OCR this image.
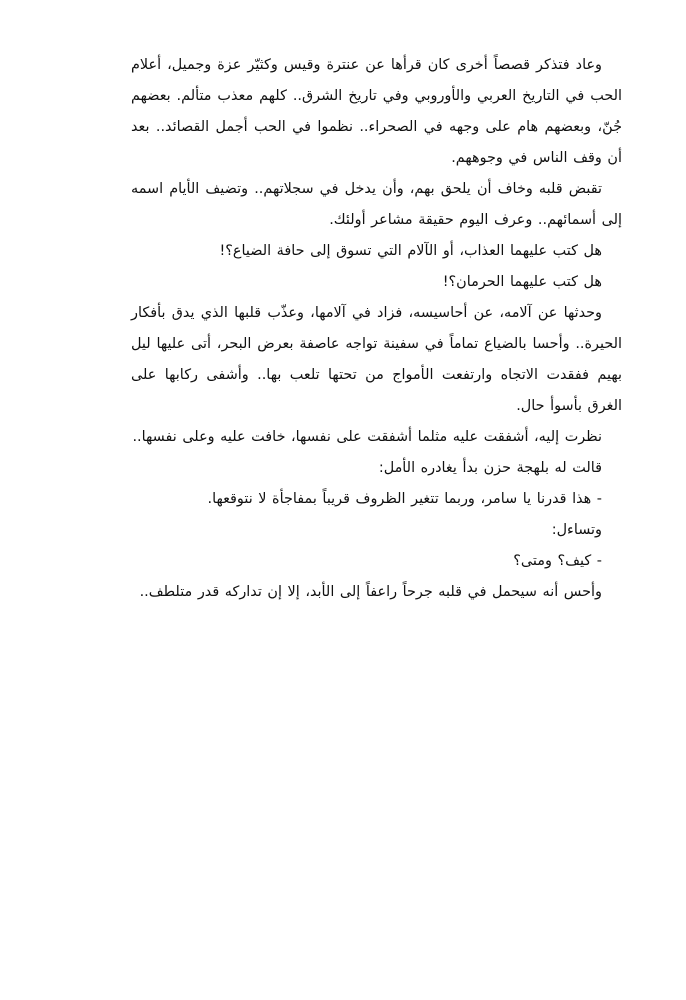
وعاد فتذكر قصصاً أخرى كان قرأها عن عنترة وقيس وكثيّر عزة وجميل، أعلام الحب في التاريخ العربي والأوروبي وفي تاريخ الشرق.. كلهم معذب متألم. بعضهم جُنّ، وبعضهم هام على وجهه في الصحراء.. نظموا في الحب أجمل القصائد.. بعد أن وقف الناس في وجوههم.

تقبض قلبه وخاف أن يلحق بهم، وأن يدخل في سجلاتهم.. وتضيف الأيام اسمه إلى أسمائهم.. وعرف اليوم حقيقة مشاعر أولئك.

هل كتب عليهما العذاب، أو الآلام التي تسوق إلى حافة الضياع؟!

هل كتب عليهما الحرمان؟!

وحدثها عن آلامه، عن أحاسيسه، فزاد في آلامها، وعذّب قلبها الذي يدق بأفكار الحيرة.. وأحسا بالضياع تماماً في سفينة تواجه عاصفة بعرض البحر، أتى عليها ليل بهيم ففقدت الاتجاه وارتفعت الأمواج من تحتها تلعب بها.. وأشفى ركابها على الغرق بأسوأ حال.

نظرت إليه، أشفقت عليه مثلما أشفقت على نفسها، خافت عليه وعلى نفسها..

قالت له بلهجة حزن بدأ يغادره الأمل:

- هذا قدرنا يا سامر، وربما تتغير الظروف قريباً بمفاجأة لا نتوقعها.

وتساءل:

- كيف؟ ومتى؟

وأحس أنه سيحمل في قلبه جرحاً راعفاً إلى الأبد، إلا إن تداركه قدر متلطف..
